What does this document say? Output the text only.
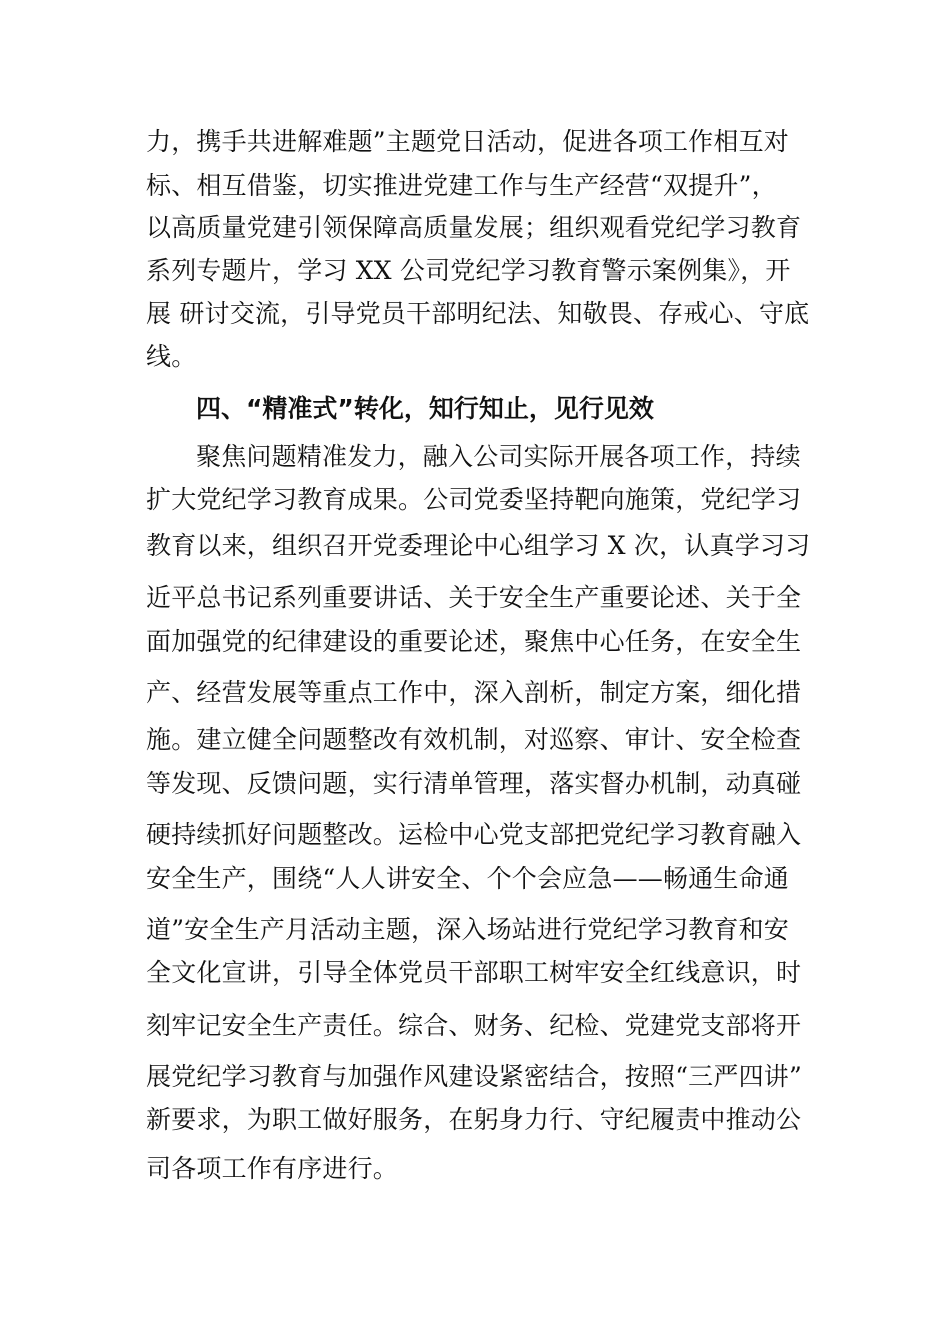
力，携手共进解难题”主题党日活动，促进各项工作相互对
标、相互借鉴，切实推进党建工作与生产经营“双提升”，
以高质量党建引领保障高质量发展；组织观看党纪学习教育
系列专题片，学习 XX 公司党纪学习教育警示案例集》，开
展 研讨交流，引导党员干部明纪法、知敬畏、存戒心、守底
线。
四、“精准式”转化，知行知止，见行见效
聚焦问题精准发力，融入公司实际开展各项工作，持续
扩大党纪学习教育成果。公司党委坚持靶向施策，党纪学习
教育以来，组织召开党委理论中心组学习 X 次，认真学习习
近平总书记系列重要讲话、关于安全生产重要论述、关于全
面加强党的纪律建设的重要论述，聚焦中心任务，在安全生
产、经营发展等重点工作中，深入剖析，制定方案，细化措
施。建立健全问题整改有效机制，对巡察、审计、安全检查
等发现、反馈问题，实行清单管理，落实督办机制，动真碰
硬持续抓好问题整改。运检中心党支部把党纪学习教育融入
安全生产，围绕“人人讲安全、个个会应急——畅通生命通
道”安全生产月活动主题，深入场站进行党纪学习教育和安
全文化宣讲，引导全体党员干部职工树牢安全红线意识，时
刻牢记安全生产责任。综合、财务、纪检、党建党支部将开
展党纪学习教育与加强作风建设紧密结合，按照“三严四讲”
新要求，为职工做好服务，在躬身力行、守纪履责中推动公
司各项工作有序进行。
